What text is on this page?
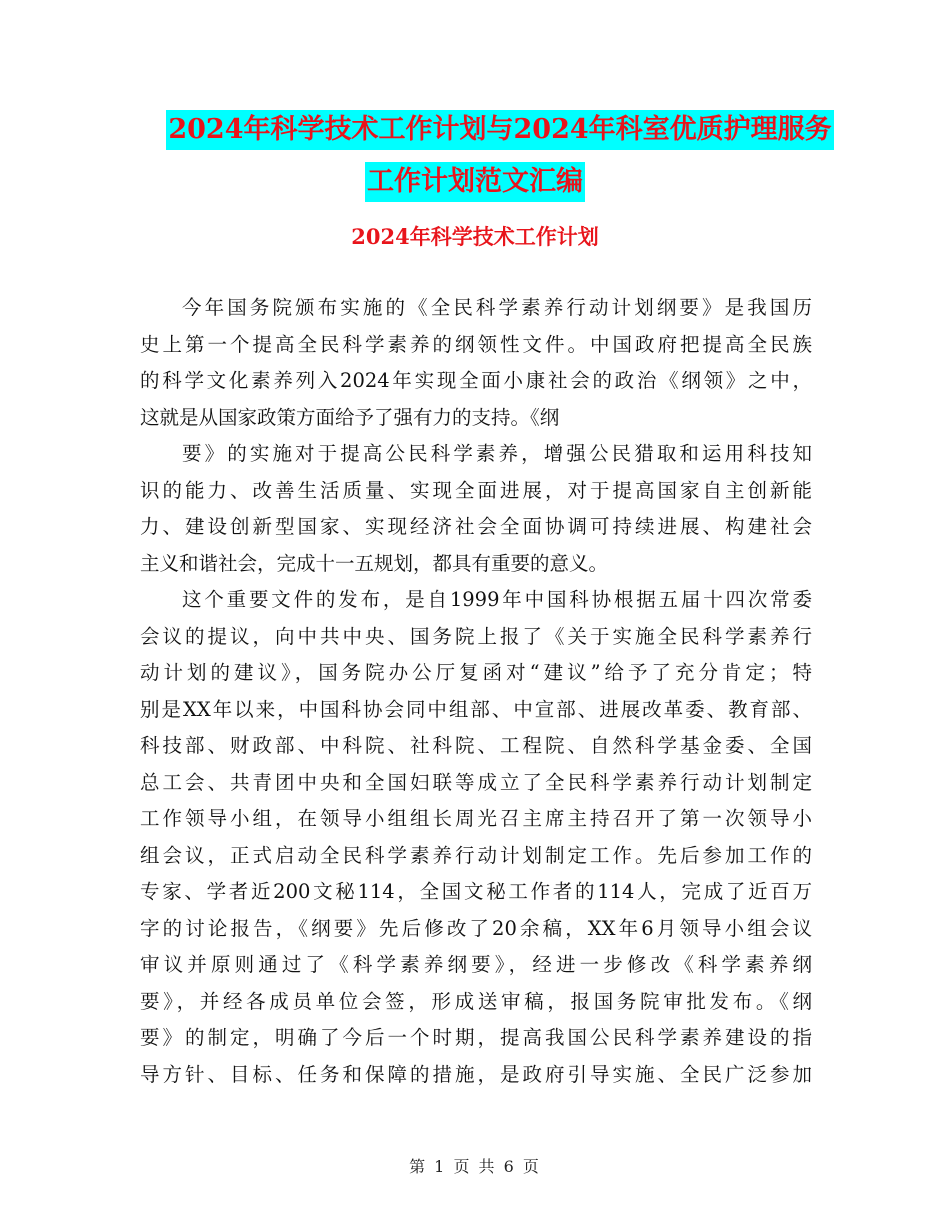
2024年科学技术工作计划与2024年科室优质护理服务
工作计划范文汇编
2024年科学技术工作计划
今年国务院颁布实施的《全民科学素养行动计划纲要》是我国历
史上第一个提高全民科学素养的纲领性文件。中国政府把提高全民族
的科学文化素养列入2024年实现全面小康社会的政治《纲领》之中，
这就是从国家政策方面给予了强有力的支持。《纲
要》的实施对于提高公民科学素养，增强公民猎取和运用科技知
识的能力、改善生活质量、实现全面进展，对于提高国家自主创新能
力、建设创新型国家、实现经济社会全面协调可持续进展、构建社会
主义和谐社会，完成十一五规划，都具有重要的意义。
这个重要文件的发布，是自1999年中国科协根据五届十四次常委
会议的提议，向中共中央、国务院上报了《关于实施全民科学素养行
动计划的建议》，国务院办公厅复函对“建议”给予了充分肯定；特
别是XX年以来，中国科协会同中组部、中宣部、进展改革委、教育部、
科技部、财政部、中科院、社科院、工程院、自然科学基金委、全国
总工会、共青团中央和全国妇联等成立了全民科学素养行动计划制定
工作领导小组，在领导小组组长周光召主席主持召开了第一次领导小
组会议，正式启动全民科学素养行动计划制定工作。先后参加工作的
专家、学者近200文秘114，全国文秘工作者的114人，完成了近百万
字的讨论报告，《纲要》先后修改了20余稿，XX年6月领导小组会议
审议并原则通过了《科学素养纲要》，经进一步修改《科学素养纲
要》，并经各成员单位会签，形成送审稿，报国务院审批发布。《纲
要》的制定，明确了今后一个时期，提高我国公民科学素养建设的指
导方针、目标、任务和保障的措施，是政府引导实施、全民广泛参加
第 1 页 共 6 页
